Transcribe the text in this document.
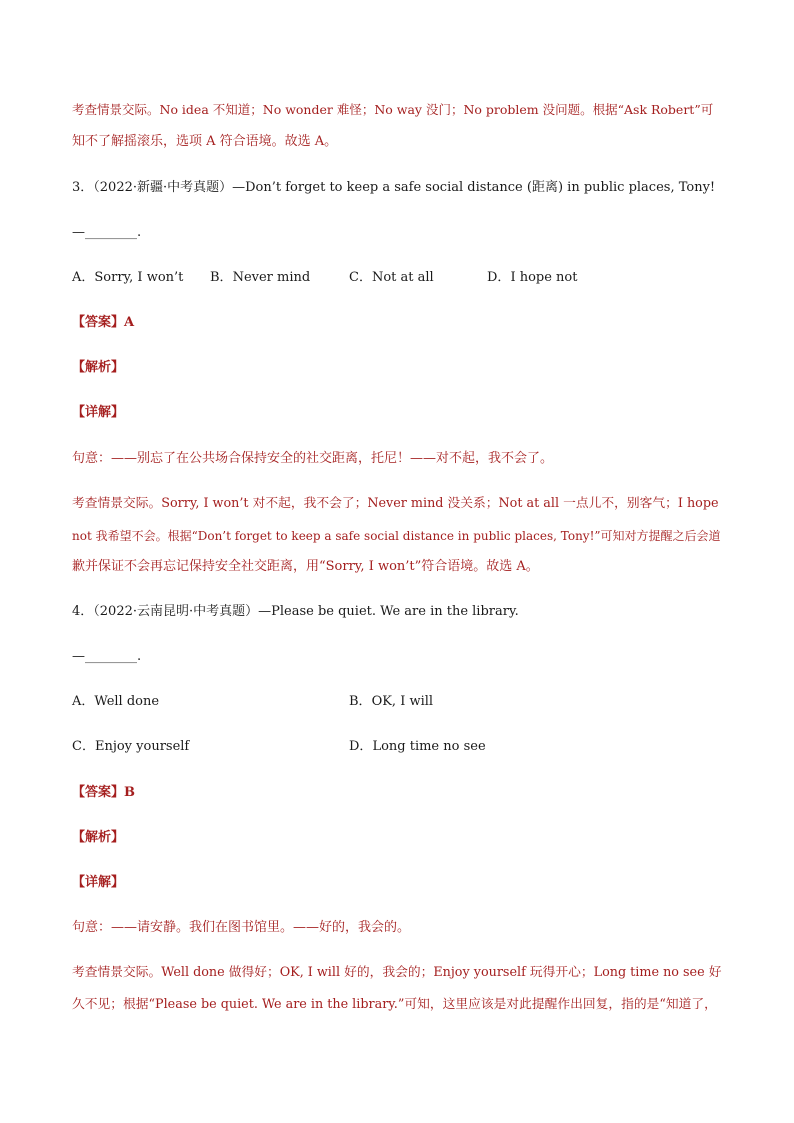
考查情景交际。No idea 不知道；No wonder 难怪；No way 没门；No problem 没问题。根据“Ask Robert”可
知不了解摇滚乐，选项 A 符合语境。故选 A。
3．（2022·新疆·中考真题）—Don’t forget to keep a safe social distance (距离) in public places, Tony!
—________.
A．Sorry, I won’t B．Never mind	C．Not at all	D．I hope not
【答案】A
【解析】
【详解】
句意：——别忘了在公共场合保持安全的社交距离，托尼！——对不起，我不会了。
考查情景交际。Sorry, I won’t 对不起，我不会了；Never mind 没关系；Not at all 一点儿不，别客气；I hope
not 我希望不会。根据“Don’t forget to keep a safe social distance in public places, Tony!”可知对方提醒之后会道
歉并保证不会再忘记保持安全社交距离，用“Sorry, I won’t”符合语境。故选 A。
4．（2022·云南昆明·中考真题）—Please be quiet. We are in the library.
—________.
A．Well done	B．OK, I will
C．Enjoy yourself	D．Long time no see
【答案】B
【解析】
【详解】
句意：——请安静。我们在图书馆里。——好的，我会的。
考查情景交际。Well done 做得好；OK, I will 好的，我会的；Enjoy yourself 玩得开心；Long time no see 好
久不见；根据“Please be quiet. We are in the library.”可知，这里应该是对此提醒作出回复，指的是“知道了，
